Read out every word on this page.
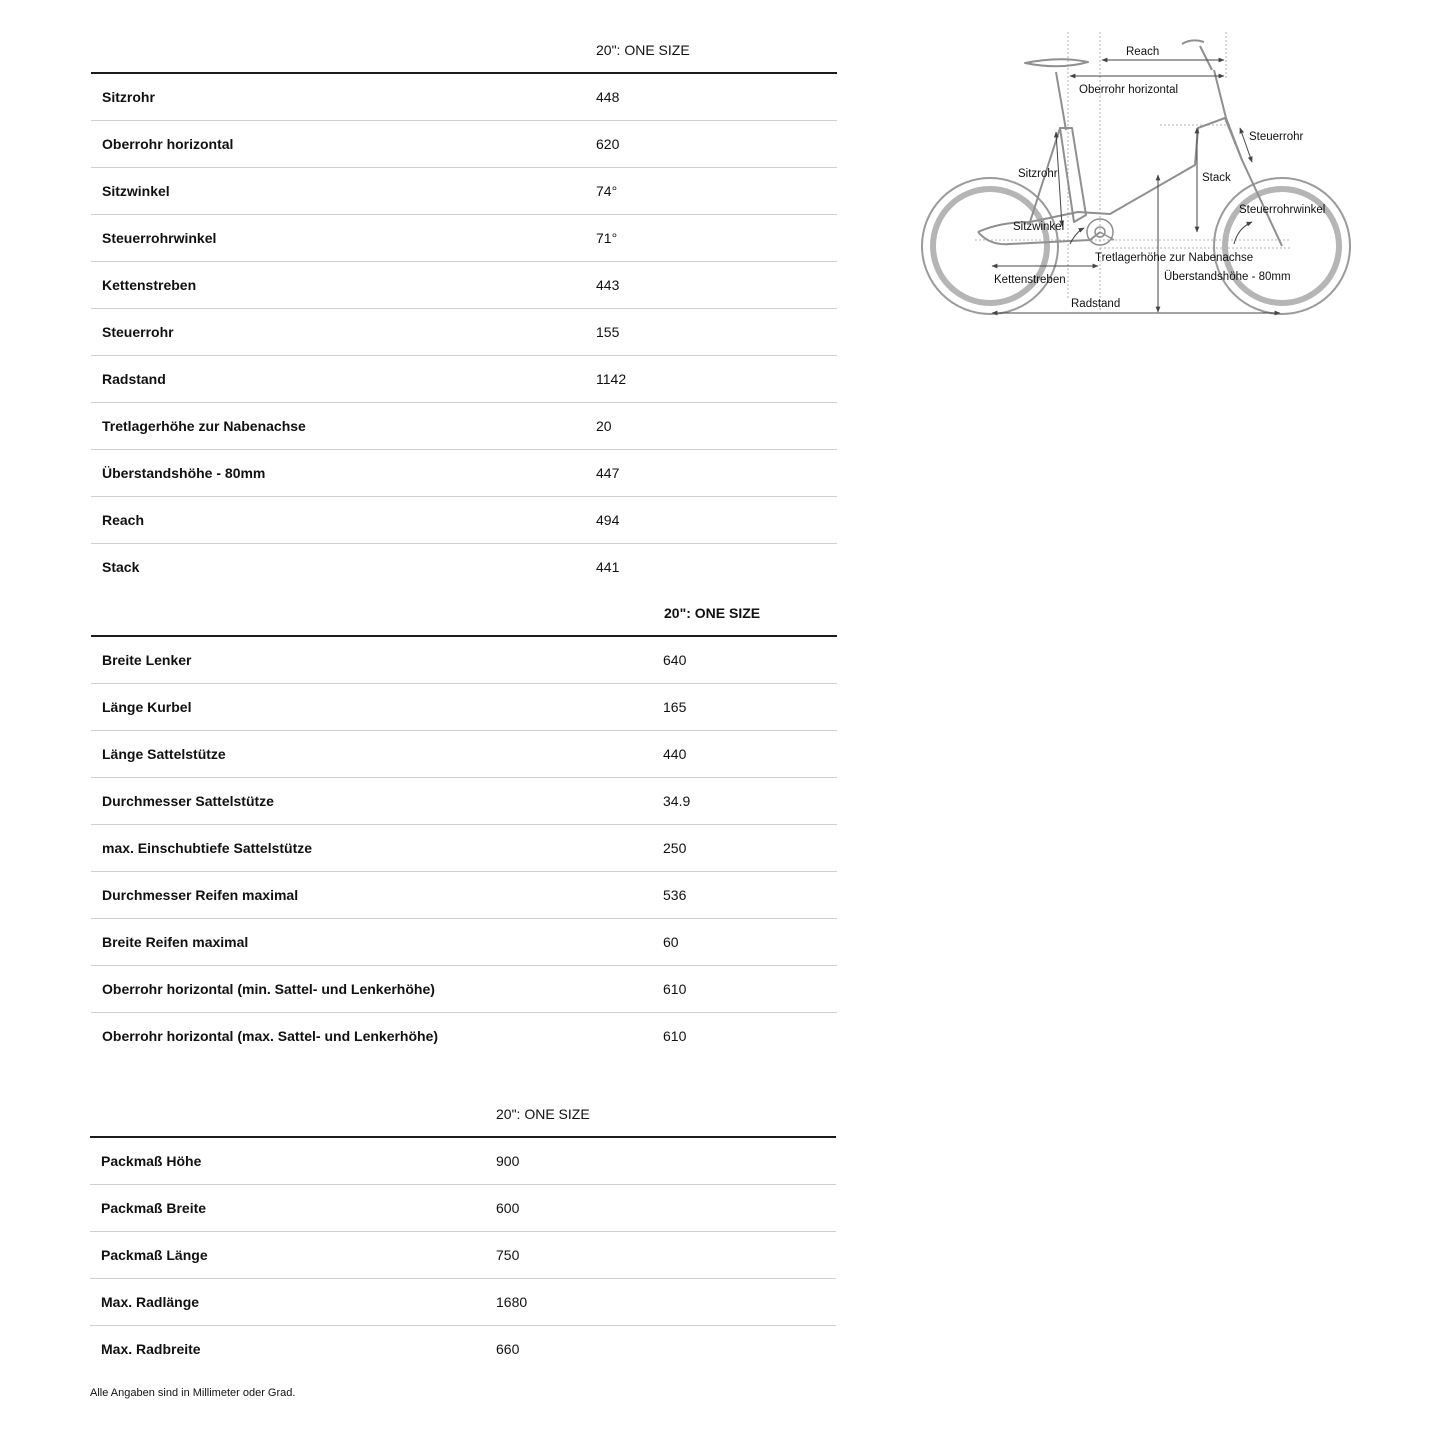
20": ONE SIZE
Sitzrohr	448
Oberrohr horizontal	620
Sitzwinkel	74°
Steuerrohrwinkel	71°
Kettenstreben	443
Steuerrohr	155
Radstand	1142
Tretlagerhöhe zur Nabenachse	20
Überstandshöhe - 80mm	447
Reach	494
Stack	441
20": ONE SIZE
Breite Lenker	640
Länge Kurbel	165
Länge Sattelstütze	440
Durchmesser Sattelstütze	34.9
max. Einschubtiefe Sattelstütze	250
Durchmesser Reifen maximal	536
Breite Reifen maximal	60
Oberrohr horizontal (min. Sattel- und Lenkerhöhe)	610
Oberrohr horizontal (max. Sattel- und Lenkerhöhe)	610
20": ONE SIZE
Packmaß Höhe	900
Packmaß Breite	600
Packmaß Länge	750
Max. Radlänge	1680
Max. Radbreite	660
Alle Angaben sind in Millimeter oder Grad.
Reach
Oberrohr horizontal
Steuerrohr
Sitzrohr	Stack
Steuerrohrwinkel
Sitzwinkel
Tretlagerhöhe zur Nabenachse
Überstandshöhe - 80mm
Kettenstreben
Radstand
